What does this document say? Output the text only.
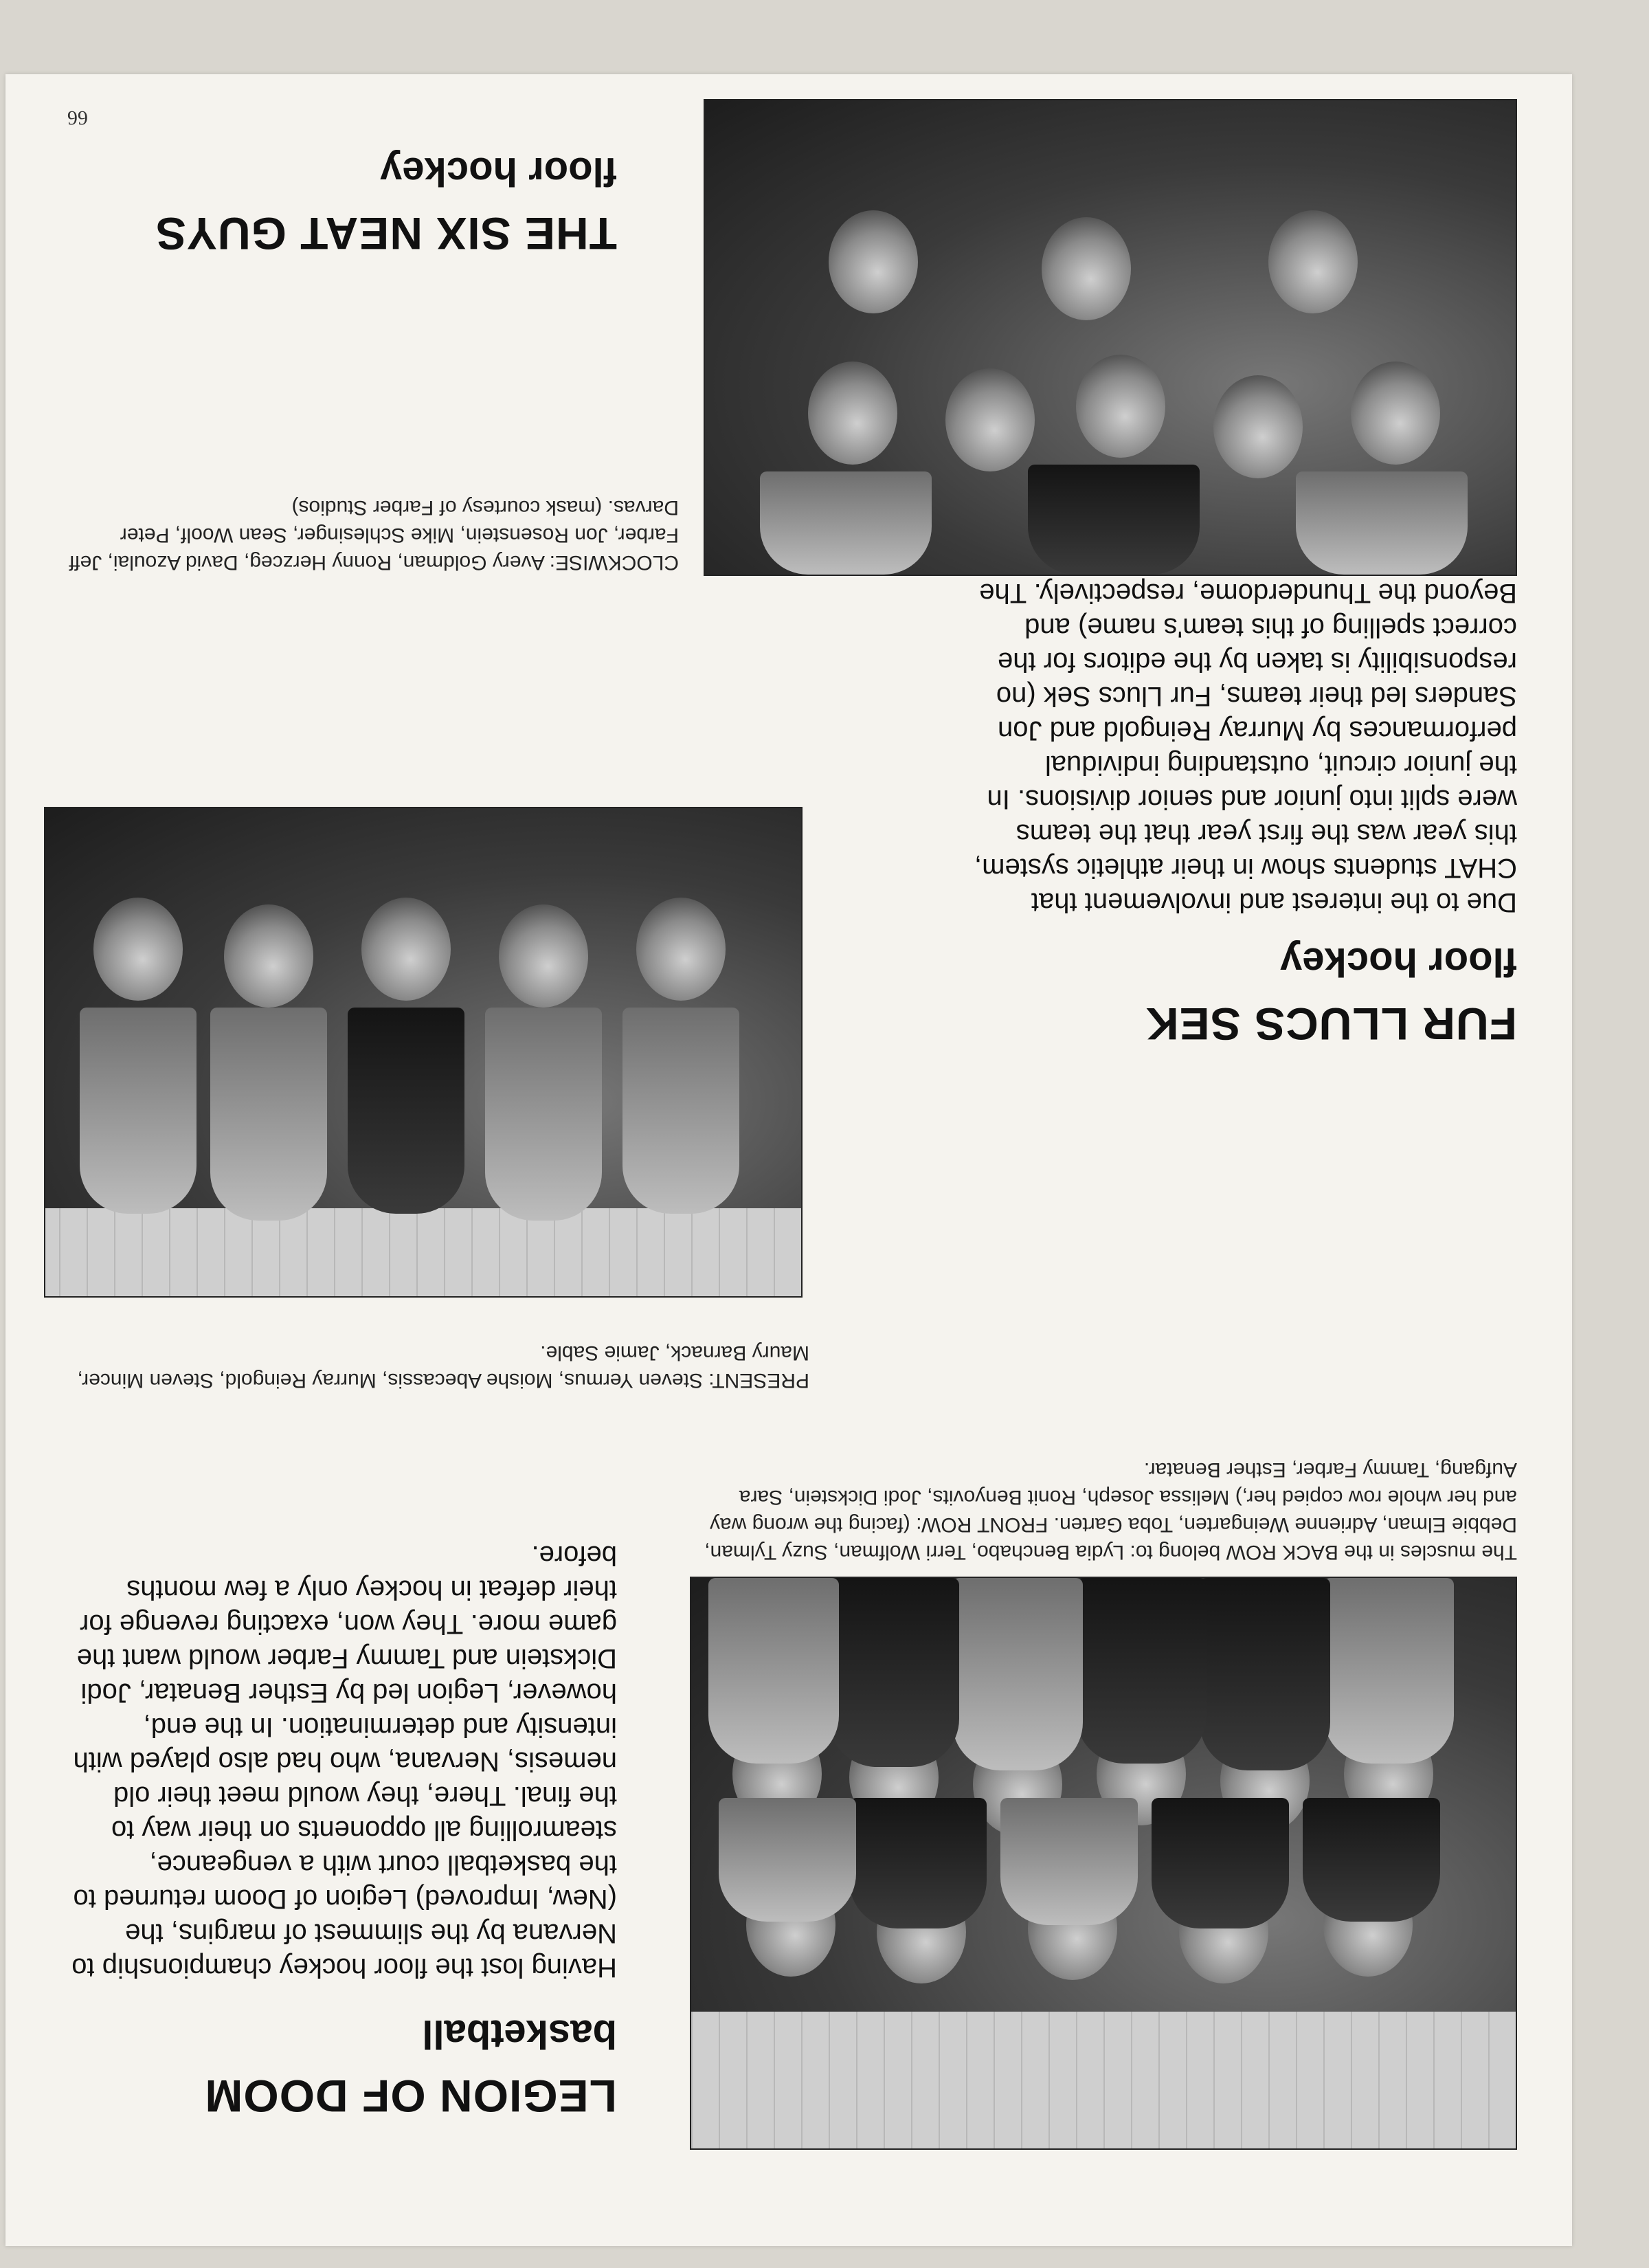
The muscles in the BACK ROW belong to: Lydia Benchabo, Terri Wolfman, Suzy Tylman, Debbie Elman, Adrienne Weingarten, Toba Garten. FRONT ROW: (facing the wrong way and her whole row copied her,) Melissa Joseph, Ronit Benyovits, Jodi Dickstein, Sara Aufgang, Tammy Farber, Esther Benatar.
LEGION OF DOOM
basketball
Having lost the floor hockey championship to Nervana by the slimmest of margins, the (New, Improved) Legion of Doom returned to the basketball court with a vengeance, steamrolling all opponents on their way to the final. There, they would meet their old nemesis, Nervana, who had also played with intensity and determination. In the end, however, Legion led by Esther Benatar, Jodi Dickstein and Tammy Farber would want the game more. They won, exacting revenge for their defeat in hockey only a few months before.
PRESENT: Steven Yermus, Moishe Abecassis, Murray Reingold, Steven Mincer, Maury Barnack, Jamie Sable.
FUR LLUCS SEK
floor hockey
Due to the interest and involvement that CHAT students show in their athletic system, this year was the first year that the teams were split into junior and senior divisions. In the junior circuit, outstanding individual performances by Murray Reingold and Jon Sanders led their teams, Fur Llucs Sek (no responsibility is taken by the editors for the correct spelling of this team's name) and Beyond the Thunderdome, respectively. The
CLOCKWISE: Avery Goldman, Ronny Herzceg, David Azoulai, Jeff Farber, Jon Rosenstein, Mike Schlesinger, Sean Woolf, Peter Darvas. (mask courtesy of Farber Studios)
THE SIX NEAT GUYS
floor hockey
66
